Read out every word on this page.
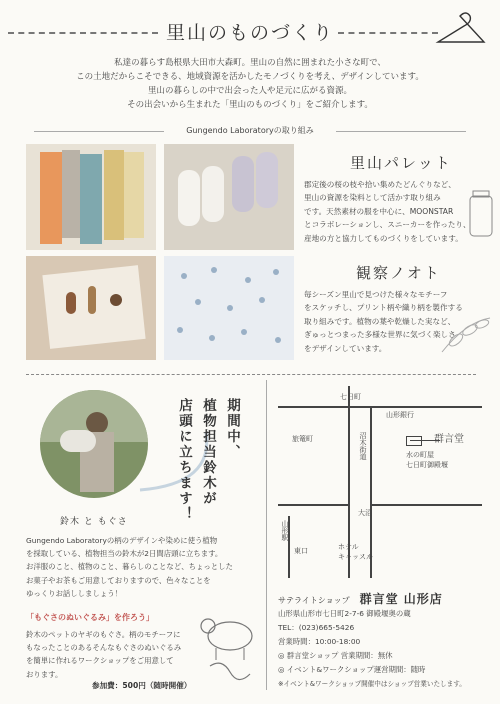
里山のものづくり
私達の暮らす島根県大田市大森町。里山の自然に囲まれた小さな町で、
この土地だからこそできる、地域資源を活かしたモノづくりを考え、デザインしています。
里山の暮らしの中で出会った人や足元に広がる資源。
その出会いから生まれた「里山のものづくり」をご紹介します。
Gungendo Laboratoryの取り組み
里山パレット
郡定後の桜の枝や拾い集めたどんぐりなど、
里山の資源を染料として活かす取り組み
です。天然素材の服を中心に、MOONSTAR
とコラボレーションし、スニーカーを作ったり、
産地の方と協力してものづくりをしています。
観察ノオト
毎シーズン里山で見つけた様々なモチーフ
をスケッチし、プリント柄や織り柄を製作する
取り組みです。植物の葉や乾燥した実など、
ぎゅっとつまった多様な世界に気づく楽しさ
をデザインしています。
鈴木 と もぐさ
期間中、
植物担当鈴木が
店頭に立ちます！
Gungendo Laboratoryの柄のデザインや染めに使う植物
を採取している、植物担当の鈴木が2日間店頭に立ちます。
お洋服のこと、植物のこと、暮らしのことなど、ちょっとした
お菓子やお茶もご用意しておりますので、色々なことを
ゆっくりお話ししましょう！
「もぐさのぬいぐるみ」を作ろう」
鈴木のペットのヤギのもぐさ。柄のモチーフに
もなったことのあるそんなもぐさのぬいぐるみ
を簡単に作れるワークショップをご用意して
おります。
参加費：500円（随時開催）
七日町
山形銀行
旅篭町	沼木街道	水の町屋
七日町御殿堰
群言堂
大沼
東口
山形駅
ホテル
キャッスル
サテライトショップ 群言堂 山形店
山形県山形市七日町2-7-6 御殿堰奥の蔵
TEL：(023)665-5426
営業時間：10:00-18:00
◎ 群言堂ショップ 営業期間：無休
◎ イベント&ワークショップ運営期間：随時
※イベント&ワークショップ開催中はショップ営業いたします。
